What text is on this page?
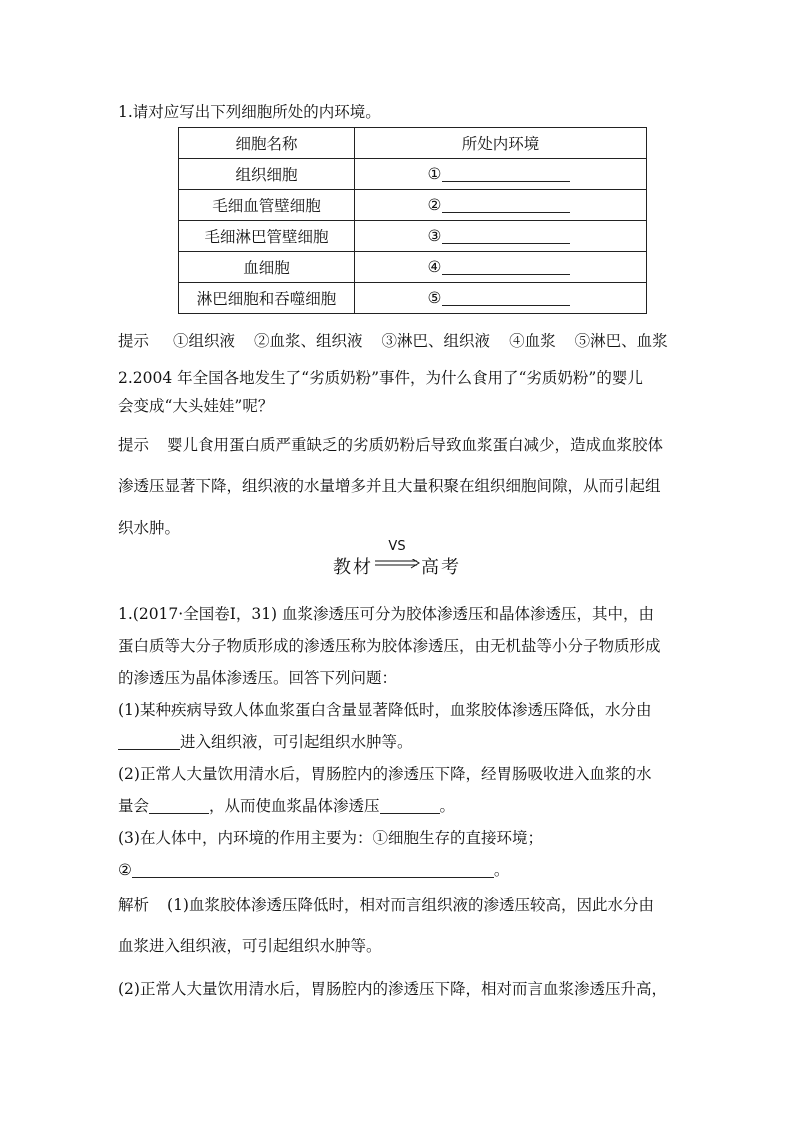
1.请对应写出下列细胞所处的内环境。
细胞名称	所处内环境
组织细胞	①
毛细血管壁细胞	②
毛细淋巴管壁细胞	③
血细胞	④
淋巴细胞和吞噬细胞	⑤
提示 ①组织液 ②血浆、组织液 ③淋巴、组织液 ④血浆 ⑤淋巴、血浆
2.2004 年全国各地发生了“劣质奶粉”事件，为什么食用了“劣质奶粉”的婴儿
会变成“大头娃娃”呢？
提示 婴儿食用蛋白质严重缺乏的劣质奶粉后导致血浆蛋白减少，造成血浆胶体
渗透压显著下降，组织液的水量增多并且大量积聚在组织细胞间隙，从而引起组
织水肿。
教材
VS
高考
1.(2017·全国卷Ⅰ，31) 血浆渗透压可分为胶体渗透压和晶体渗透压，其中，由
蛋白质等大分子物质形成的渗透压称为胶体渗透压，由无机盐等小分子物质形成
的渗透压为晶体渗透压。回答下列问题：
(1)某种疾病导致人体血浆蛋白含量显著降低时，血浆胶体渗透压降低，水分由
进入组织液，可引起组织水肿等。
(2)正常人大量饮用清水后，胃肠腔内的渗透压下降，经胃肠吸收进入血浆的水
量会	，从而使血浆晶体渗透压	。
(3)在人体中，内环境的作用主要为：①细胞生存的直接环境；
②	。
解析 (1)血浆胶体渗透压降低时，相对而言组织液的渗透压较高，因此水分由
血浆进入组织液，可引起组织水肿等。
(2)正常人大量饮用清水后，胃肠腔内的渗透压下降，相对而言血浆渗透压升高，
